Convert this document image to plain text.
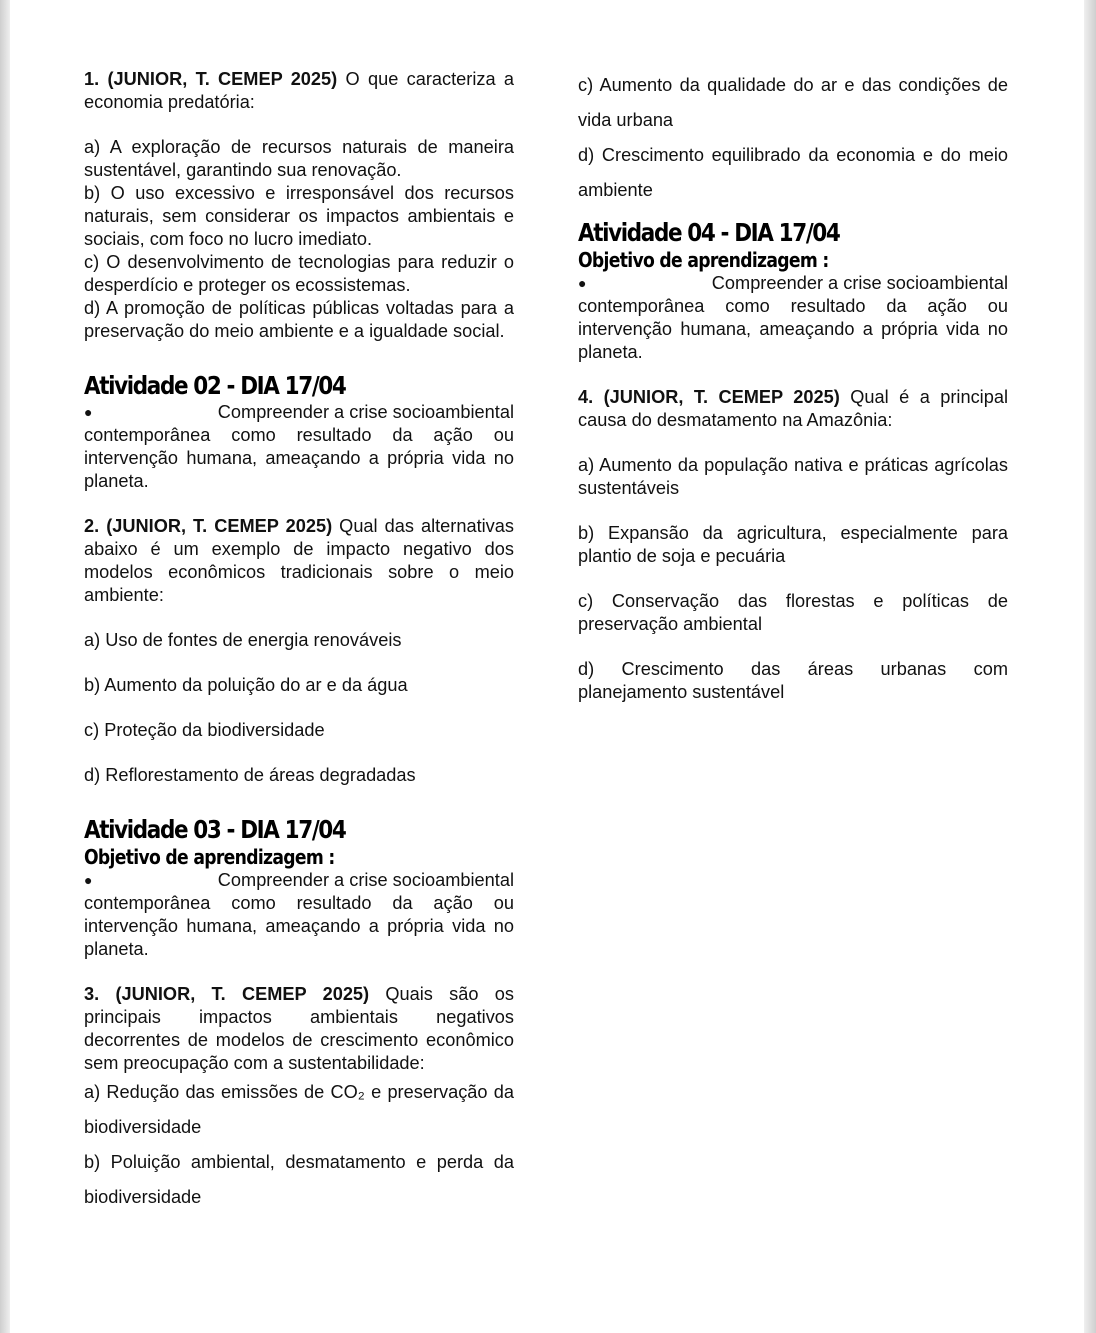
1. (JUNIOR, T. CEMEP 2025) O que caracteriza a economia predatória:

a) A exploração de recursos naturais de maneira sustentável, garantindo sua renovação.

b) O uso excessivo e irresponsável dos recursos naturais, sem considerar os impactos ambientais e sociais, com foco no lucro imediato.

c) O desenvolvimento de tecnologias para reduzir o desperdício e proteger os ecossistemas.

d) A promoção de políticas públicas voltadas para a preservação do meio ambiente e a igualdade social.

Atividade 02 - DIA 17/04
●	Compreender a crise socioambiental

contemporânea como resultado da ação ou intervenção humana, ameaçando a própria vida no planeta.

2. (JUNIOR, T. CEMEP 2025) Qual das alternativas abaixo é um exemplo de impacto negativo dos modelos econômicos tradicionais sobre o meio ambiente:

a) Uso de fontes de energia renováveis

b) Aumento da poluição do ar e da água

c) Proteção da biodiversidade

d) Reflorestamento de áreas degradadas

Atividade 03 - DIA 17/04
Objetivo de aprendizagem :
●	Compreender a crise socioambiental

contemporânea como resultado da ação ou intervenção humana, ameaçando a própria vida no planeta.

3. (JUNIOR, T. CEMEP 2025) Quais são os principais impactos ambientais negativos decorrentes de modelos de crescimento econômico sem preocupação com a sustentabilidade:

a) Redução das emissões de CO₂ e preservação da biodiversidade

b) Poluição ambiental, desmatamento e perda da biodiversidade

c) Aumento da qualidade do ar e das condições de vida urbana

d) Crescimento equilibrado da economia e do meio ambiente

Atividade 04 - DIA 17/04
Objetivo de aprendizagem :
●	Compreender a crise socioambiental

contemporânea como resultado da ação ou intervenção humana, ameaçando a própria vida no planeta.

4. (JUNIOR, T. CEMEP 2025) Qual é a principal causa do desmatamento na Amazônia:

a) Aumento da população nativa e práticas agrícolas sustentáveis

b) Expansão da agricultura, especialmente para plantio de soja e pecuária

c) Conservação das florestas e políticas de preservação ambiental

d) Crescimento das áreas urbanas com planejamento sustentável
